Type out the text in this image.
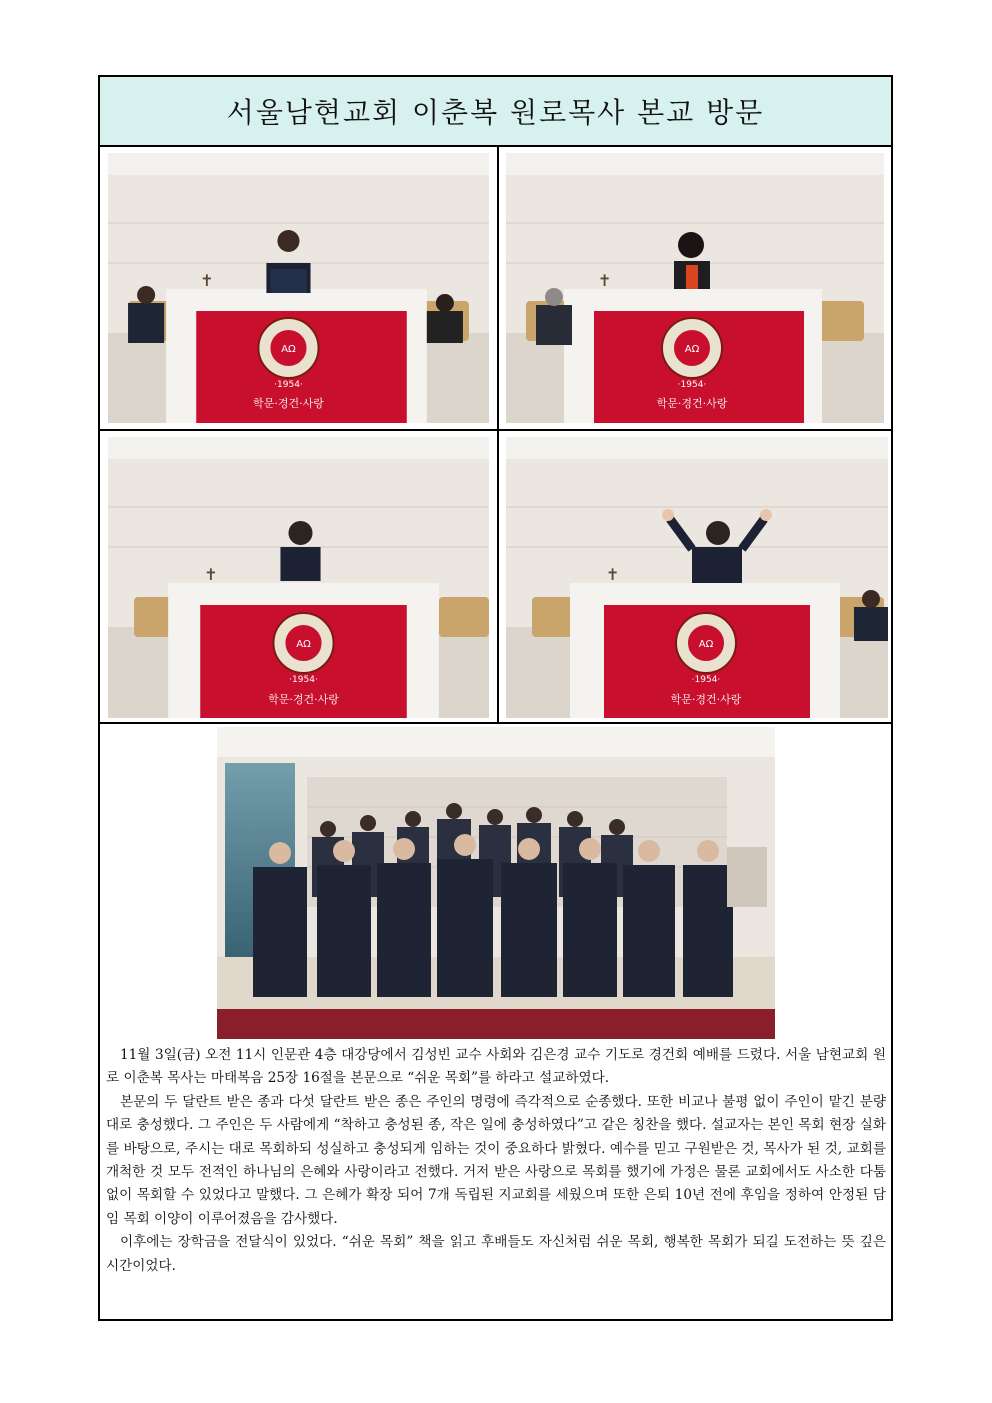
서울남현교회 이춘복 원로목사 본교 방문
AΩ
·1954·
학문·경건·사랑
✝
AΩ
·1954·
학문·경건·사랑
✝
AΩ
·1954·
학문·경건·사랑
✝
AΩ
·1954·
학문·경건·사랑
✝

11월 3일(금) 오전 11시 인문관 4층 대강당에서 김성빈 교수 사회와 김은경 교수 기도로 경건회 예배를 드렸다. 서울 남현교회 원로 이춘복 목사는 마태복음 25장 16절을 본문으로 “쉬운 목회”를 하라고 설교하였다.

본문의 두 달란트 받은 종과 다섯 달란트 받은 종은 주인의 명령에 즉각적으로 순종했다. 또한 비교나 불평 없이 주인이 맡긴 분량대로 충성했다. 그 주인은 두 사람에게 “착하고 충성된 종, 작은 일에 충성하였다”고 같은 칭찬을 했다. 설교자는 본인 목회 현장 실화를 바탕으로, 주시는 대로 목회하되 성실하고 충성되게 임하는 것이 중요하다 밝혔다. 예수를 믿고 구원받은 것, 목사가 된 것, 교회를 개척한 것 모두 전적인 하나님의 은혜와 사랑이라고 전했다. 거저 받은 사랑으로 목회를 했기에 가정은 물론 교회에서도 사소한 다툼 없이 목회할 수 있었다고 말했다. 그 은혜가 확장 되어 7개 독립된 지교회를 세웠으며 또한 은퇴 10년 전에 후임을 정하여 안정된 담임 목회 이양이 이루어졌음을 감사했다.

이후에는 장학금을 전달식이 있었다. “쉬운 목회” 책을 읽고 후배들도 자신처럼 쉬운 목회, 행복한 목회가 되길 도전하는 뜻 깊은 시간이었다.
